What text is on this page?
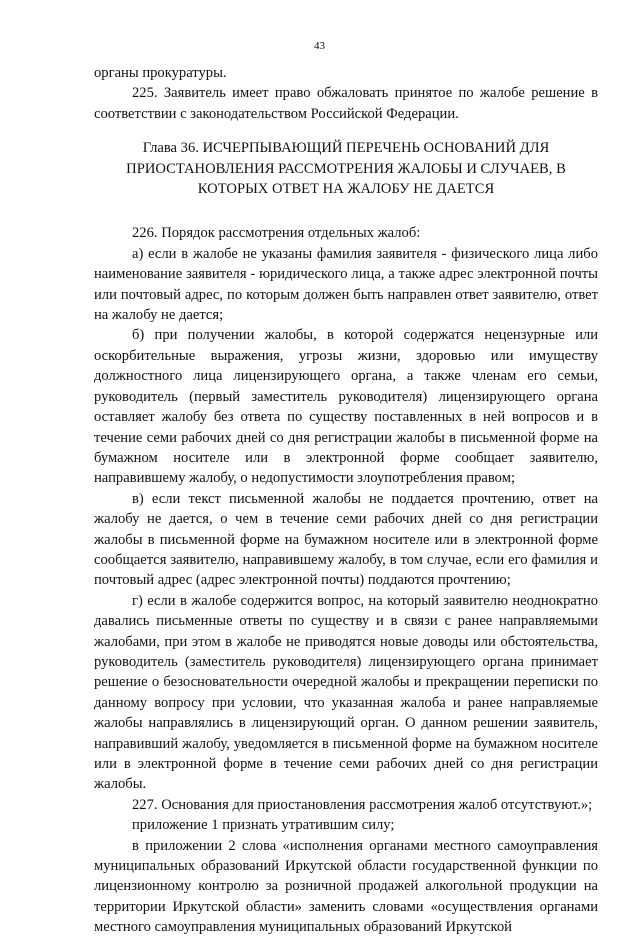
43

органы прокуратуры.

225. Заявитель имеет право обжаловать принятое по жалобе решение в соответствии с законодательством Российской Федерации.

Глава 36. ИСЧЕРПЫВАЮЩИЙ ПЕРЕЧЕНЬ ОСНОВАНИЙ ДЛЯ
ПРИОСТАНОВЛЕНИЯ РАССМОТРЕНИЯ ЖАЛОБЫ И СЛУЧАЕВ, В
КОТОРЫХ ОТВЕТ НА ЖАЛОБУ НЕ ДАЕТСЯ

226. Порядок рассмотрения отдельных жалоб:

а) если в жалобе не указаны фамилия заявителя - физического лица либо наименование заявителя - юридического лица, а также адрес электронной почты или почтовый адрес, по которым должен быть направлен ответ заявителю, ответ на жалобу не дается;

б) при получении жалобы, в которой содержатся нецензурные или оскорбительные выражения, угрозы жизни, здоровью или имуществу должностного лица лицензирующего органа, а также членам его семьи, руководитель (первый заместитель руководителя) лицензирующего органа оставляет жалобу без ответа по существу поставленных в ней вопросов и в течение семи рабочих дней со дня регистрации жалобы в письменной форме на бумажном носителе или в электронной форме сообщает заявителю, направившему жалобу, о недопустимости злоупотребления правом;

в) если текст письменной жалобы не поддается прочтению, ответ на жалобу не дается, о чем в течение семи рабочих дней со дня регистрации жалобы в письменной форме на бумажном носителе или в электронной форме сообщается заявителю, направившему жалобу, в том случае, если его фамилия и почтовый адрес (адрес электронной почты) поддаются прочтению;

г) если в жалобе содержится вопрос, на который заявителю неоднократно давались письменные ответы по существу и в связи с ранее направляемыми жалобами, при этом в жалобе не приводятся новые доводы или обстоятельства, руководитель (заместитель руководителя) лицензирующего органа принимает решение о безосновательности очередной жалобы и прекращении переписки по данному вопросу при условии, что указанная жалоба и ранее направляемые жалобы направлялись в лицензирующий орган. О данном решении заявитель, направивший жалобу, уведомляется в письменной форме на бумажном носителе или в электронной форме в течение семи рабочих дней со дня регистрации жалобы.

227. Основания для приостановления рассмотрения жалоб отсутствуют.»;

приложение 1 признать утратившим силу;

в приложении 2 слова «исполнения органами местного самоуправления муниципальных образований Иркутской области государственной функции по лицензионному контролю за розничной продажей алкогольной продукции на территории Иркутской области» заменить словами «осуществления органами местного самоуправления муниципальных образований Иркутской
